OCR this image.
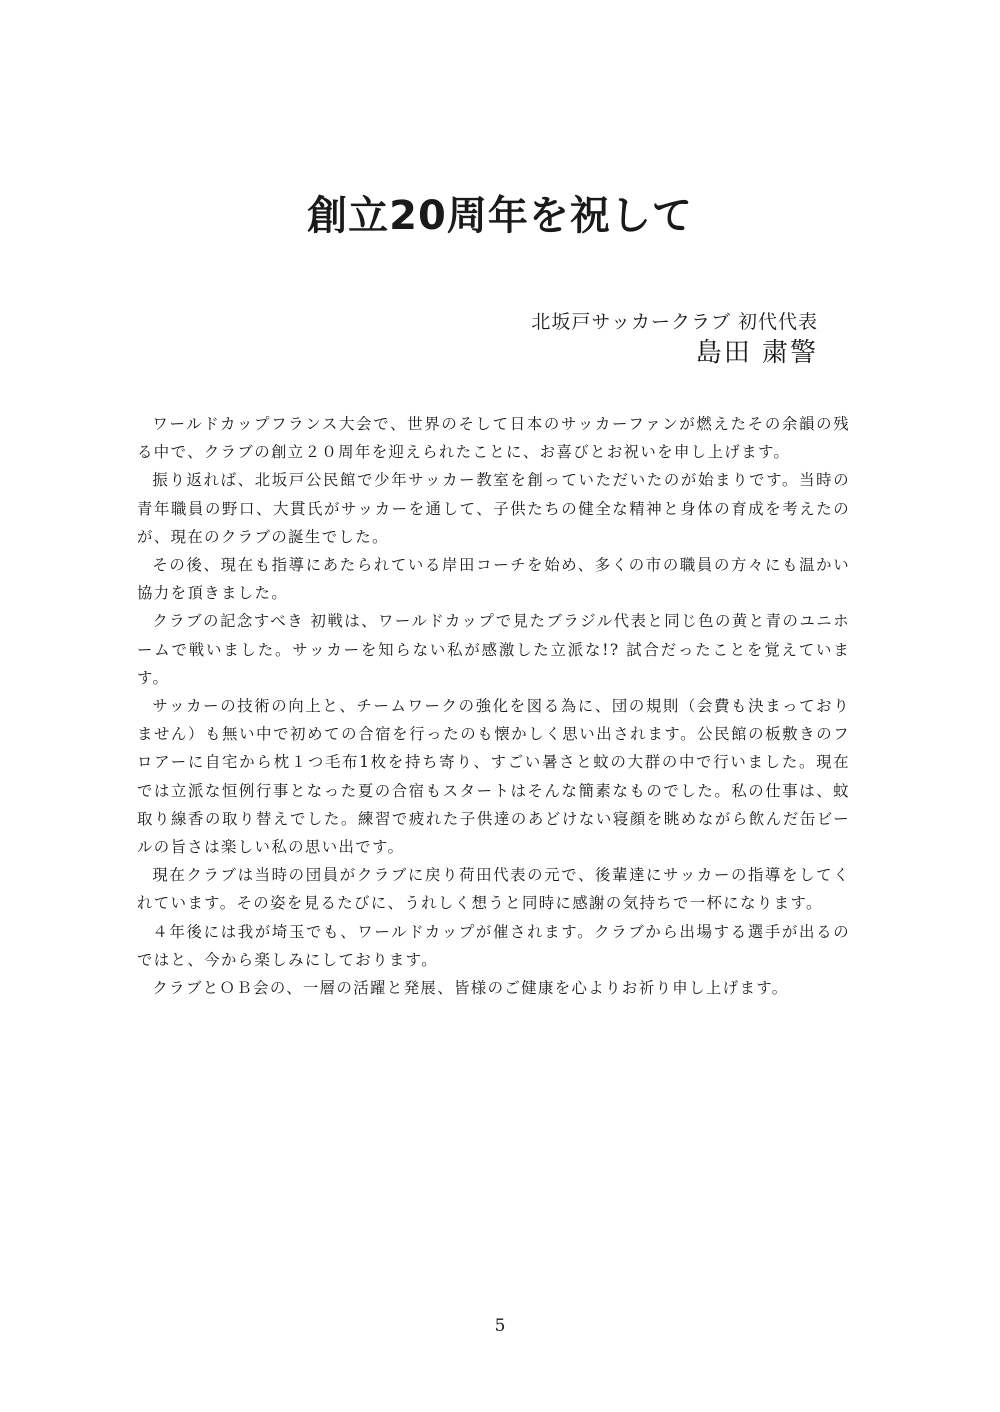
創立20周年を祝して
北坂戸サッカークラブ 初代代表
島田 粛警

ワールドカップフランス大会で、世界のそして日本のサッカーファンが燃えたその余韻の残る中で、クラブの創立２０周年を迎えられたことに、お喜びとお祝いを申し上げます。

振り返れば、北坂戸公民館で少年サッカー教室を創っていただいたのが始まりです。当時の青年職員の野口、大貫氏がサッカーを通して、子供たちの健全な精神と身体の育成を考えたのが、現在のクラブの誕生でした。

その後、現在も指導にあたられている岸田コーチを始め、多くの市の職員の方々にも温かい協力を頂きました。

クラブの記念すべき 初戦は、ワールドカップで見たブラジル代表と同じ色の黄と青のユニホームで戦いました。サッカーを知らない私が感激した立派な!? 試合だったことを覚えています。

サッカーの技術の向上と、チームワークの強化を図る為に、団の規則（会費も決まっておりません）も無い中で初めての合宿を行ったのも懐かしく思い出されます。公民館の板敷きのフロアーに自宅から枕１つ毛布1枚を持ち寄り、すごい暑さと蚊の大群の中で行いました。現在では立派な恒例行事となった夏の合宿もスタートはそんな簡素なものでした。私の仕事は、蚊取り線香の取り替えでした。練習で疲れた子供達のあどけない寝顔を眺めながら飲んだ缶ビールの旨さは楽しい私の思い出です。

現在クラブは当時の団員がクラブに戻り荷田代表の元で、後輩達にサッカーの指導をしてくれています。その姿を見るたびに、うれしく想うと同時に感謝の気持ちで一杯になります。

４年後には我が埼玉でも、ワールドカップが催されます。クラブから出場する選手が出るのではと、今から楽しみにしております。

クラブとＯＢ会の、一層の活躍と発展、皆様のご健康を心よりお祈り申し上げます。

5
